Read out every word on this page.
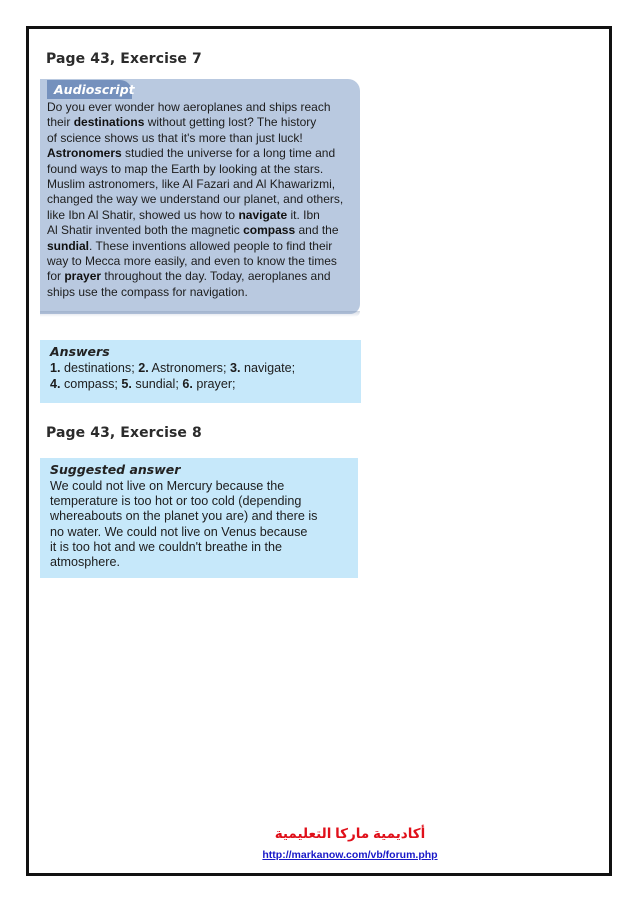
Page 43, Exercise 7
Audioscript

Do you ever wonder how aeroplanes and ships reach
their destinations without getting lost? The history
of science shows us that it's more than just luck!
Astronomers studied the universe for a long time and
found ways to map the Earth by looking at the stars.
Muslim astronomers, like Al Fazari and Al Khawarizmi,
changed the way we understand our planet, and others,
like Ibn Al Shatir, showed us how to navigate it. Ibn
Al Shatir invented both the magnetic compass and the
sundial. These inventions allowed people to find their
way to Mecca more easily, and even to know the times
for prayer throughout the day. Today, aeroplanes and
ships use the compass for navigation.

Answers

1. destinations; 2. Astronomers; 3. navigate;
4. compass; 5. sundial; 6. prayer;

Page 43, Exercise 8

Suggested answer

We could not live on Mercury because the
temperature is too hot or too cold (depending
whereabouts on the planet you are) and there is
no water. We could not live on Venus because
it is too hot and we couldn't breathe in the
atmosphere.

أكاديمية ماركا التعليمية
http://markanow.com/vb/forum.php
